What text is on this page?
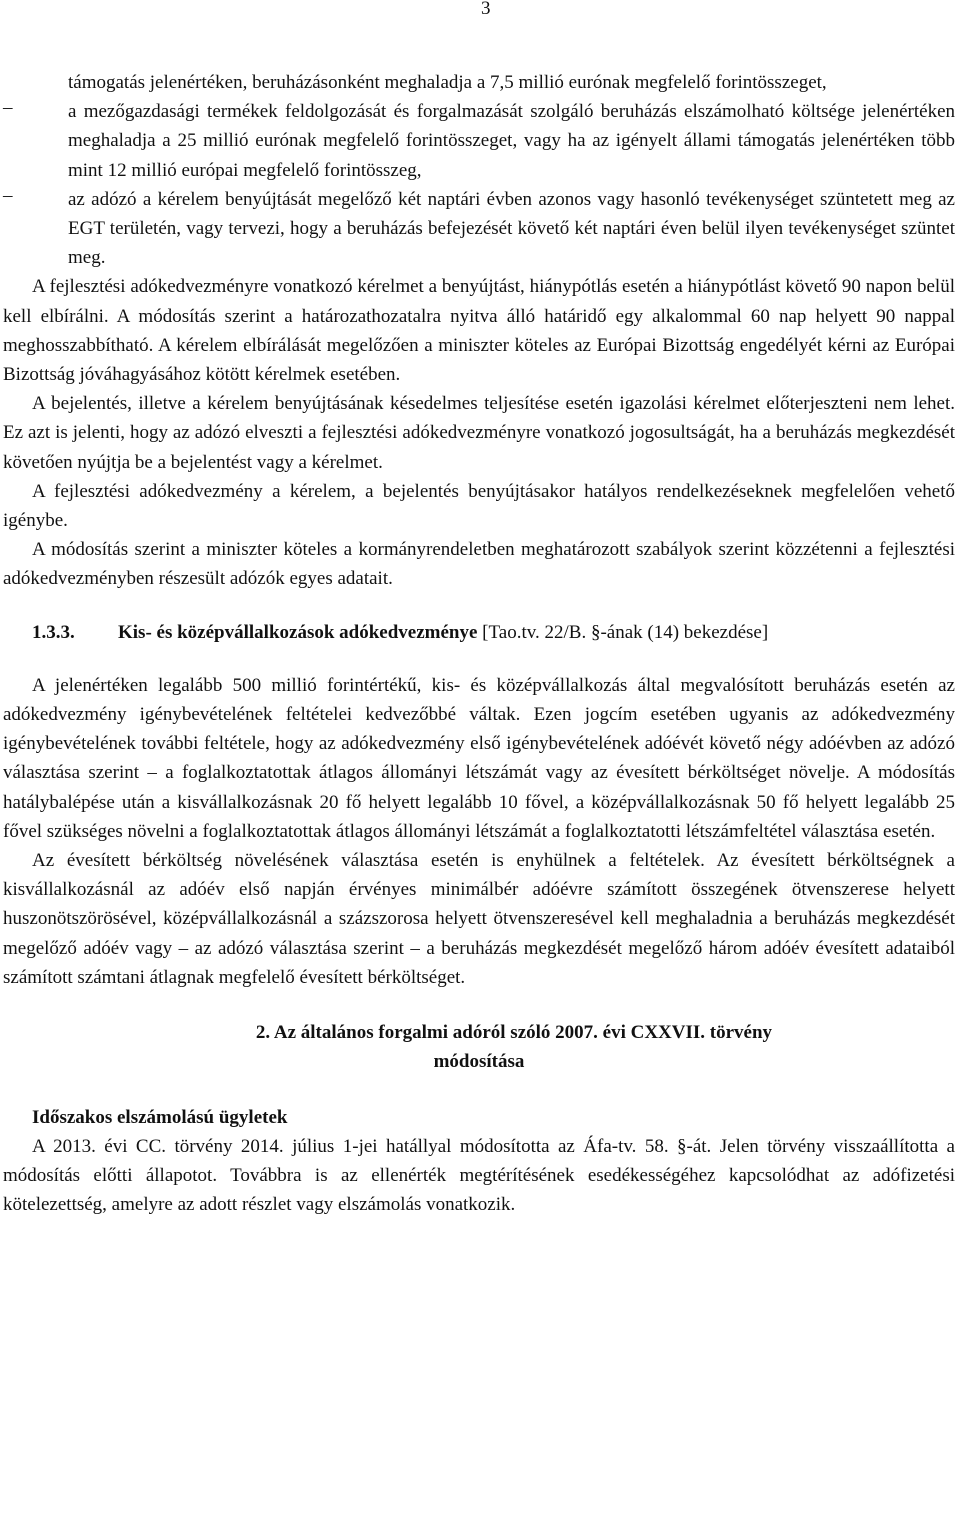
3

támogatás jelenértéken, beruházásonként meghaladja a 7,5 millió eurónak megfelelő forintösszeget,

–	a mezőgazdasági termékek feldolgozását és forgalmazását szolgáló beruházás elszámolható költsége jelenértéken meghaladja a 25 millió eurónak megfelelő forintösszeget, vagy ha az igényelt állami támogatás jelenértéken több mint 12 millió európai megfelelő forintösszeg,

–	az adózó a kérelem benyújtását megelőző két naptári évben azonos vagy hasonló tevékenységet szüntetett meg az EGT területén, vagy tervezi, hogy a beruházás befejezését követő két naptári éven belül ilyen tevékenységet szüntet meg.

A fejlesztési adókedvezményre vonatkozó kérelmet a benyújtást, hiánypótlás esetén a hiánypótlást követő 90 napon belül kell elbírálni. A módosítás szerint a határozathozatalra nyitva álló határidő egy alkalommal 60 nap helyett 90 nappal meghosszabbítható. A kérelem elbírálását megelőzően a miniszter köteles az Európai Bizottság engedélyét kérni az Európai Bizottság jóváhagyásához kötött kérelmek esetében.

A bejelentés, illetve a kérelem benyújtásának késedelmes teljesítése esetén igazolási kérelmet előterjeszteni nem lehet. Ez azt is jelenti, hogy az adózó elveszti a fejlesztési adókedvezményre vonatkozó jogosultságát, ha a beruházás megkezdését követően nyújtja be a bejelentést vagy a kérelmet.

A fejlesztési adókedvezmény a kérelem, a bejelentés benyújtásakor hatályos rendelkezéseknek megfelelően vehető igénybe.

A módosítás szerint a miniszter köteles a kormányrendeletben meghatározott szabályok szerint közzétenni a fejlesztési adókedvezményben részesült adózók egyes adatait.

1.3.3.	Kis- és középvállalkozások adókedvezménye [Tao.tv. 22/B. §-ának (14) bekezdése]

A jelenértéken legalább 500 millió forintértékű, kis- és középvállalkozás által megvalósított beruházás esetén az adókedvezmény igénybevételének feltételei kedvezőbbé váltak. Ezen jogcím esetében ugyanis az adókedvezmény igénybevételének további feltétele, hogy az adókedvezmény első igénybevételének adóévét követő négy adóévben az adózó választása szerint – a foglalkoztatottak átlagos állományi létszámát vagy az évesített bérköltséget növelje. A módosítás hatálybalépése után a kisvállalkozásnak 20 fő helyett legalább 10 fővel, a középvállalkozásnak 50 fő helyett legalább 25 fővel szükséges növelni a foglalkoztatottak átlagos állományi létszámát a foglalkoztatotti létszámfeltétel választása esetén.

Az évesített bérköltség növelésének választása esetén is enyhülnek a feltételek. Az évesített bérköltségnek a kisvállalkozásnál az adóév első napján érvényes minimálbér adóévre számított összegének ötvenszerese helyett huszonötszörösével, középvállalkozásnál a százszorosa helyett ötvenszeresével kell meghaladnia a beruházás megkezdését megelőző adóév vagy – az adózó választása szerint – a beruházás megkezdését megelőző három adóév évesített adataiból számított számtani átlagnak megfelelő évesített bérköltséget.

2. Az általános forgalmi adóról szóló 2007. évi CXXVII. törvény
módosítása
Időszakos elszámolású ügyletek

A 2013. évi CC. törvény 2014. július 1-jei hatállyal módosította az Áfa-tv. 58. §-át. Jelen törvény visszaállította a módosítás előtti állapotot. Továbbra is az ellenérték megtérítésének esedékességéhez kapcsolódhat az adófizetési kötelezettség, amelyre az adott részlet vagy elszámolás vonatkozik.
